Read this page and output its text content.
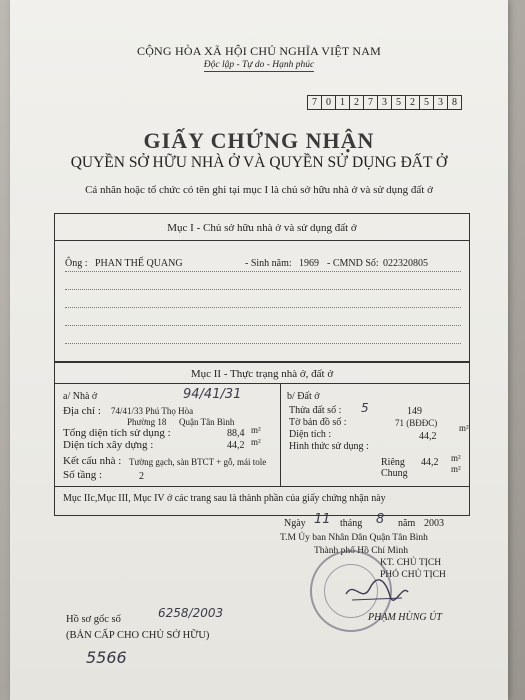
CỘNG HÒA XÃ HỘI CHỦ NGHĨA VIỆT NAM
Độc lập - Tự do - Hạnh phúc
7 0 1 2 7 3 5 2 5 3 8
GIẤY CHỨNG NHẬN
QUYỀN SỞ HỮU NHÀ Ở VÀ QUYỀN SỬ DỤNG ĐẤT Ở
Cá nhân hoặc tổ chức có tên ghi tại mục I là chủ sở hữu nhà ở và sử dụng đất ở
Mục I - Chủ sở hữu nhà ở và sử dụng đất ở
Ông : PHAN THẾ QUANG	- Sinh năm: 1969 - CMND Số: 022320805
Mục II - Thực trạng nhà ở, đất ở
a/ Nhà ở	94/41/31
Địa chỉ : 74/41/33 Phú Thọ Hòa
Phường 18 Quận Tân Bình
Tổng diện tích sử dụng :	88,4 m²
Diện tích xây dựng :	44,2 m²
Kết cấu nhà : Tường gạch, sàn BTCT + gỗ, mái tole
Số tầng :	2
b/ Đất ở
Thửa đất số : 5	149
Tờ bản đồ số :	71 (BĐĐC)
Diện tích :	44,2
m²
Hình thức sử dụng :
Riêng 44,2 m²
Chung	m²
Mục IIc,Mục III, Mục IV ở các trang sau là thành phần của giấy chứng nhận này
Ngày 11 tháng 8 năm 2003
T.M Ủy ban Nhân Dân Quận Tân Bình
Thành phố Hồ Chí Minh
KT. CHỦ TỊCH
PHÓ CHỦ TỊCH
PHẠM HÙNG ÚT
Hồ sơ gốc số	6258/2003
(BẢN CẤP CHO CHỦ SỞ HỮU)
5566
